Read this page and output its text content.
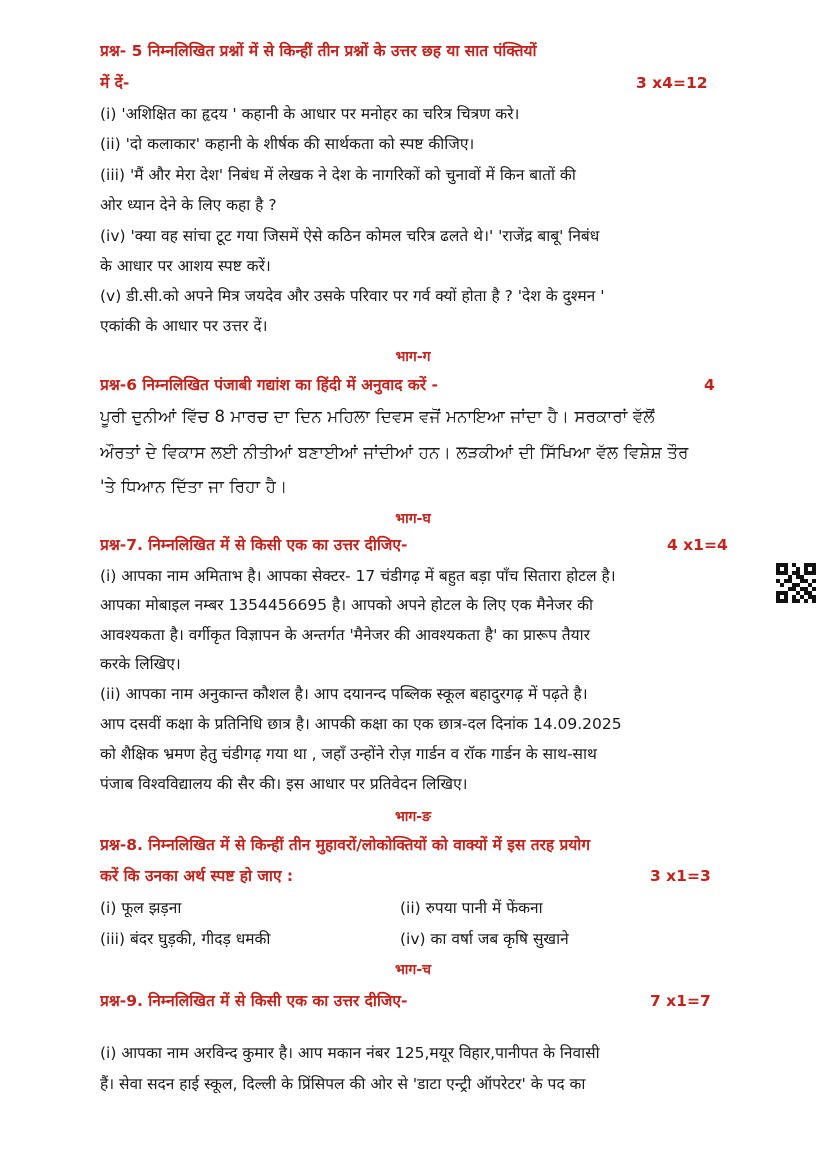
प्रश्न- 5 निम्नलिखित प्रश्नों में से किन्हीं तीन प्रश्नों के उत्तर छह या सात पंक्तियों
में दें-	3 x4=12
(i) 'अशिक्षित का हृदय ' कहानी के आधार पर मनोहर का चरित्र चित्रण करे।
(ii) 'दो कलाकार' कहानी के शीर्षक की सार्थकता को स्पष्ट कीजिए।
(iii) 'मैं और मेरा देश' निबंध में लेखक ने देश के नागरिकों को चुनावों में किन बातों की
ओर ध्यान देने के लिए कहा है ?
(iv) 'क्या वह सांचा टूट गया जिसमें ऐसे कठिन कोमल चरित्र ढलते थे।' 'राजेंद्र बाबू' निबंध
के आधार पर आशय स्पष्ट करें।
(v) डी.सी.को अपने मित्र जयदेव और उसके परिवार पर गर्व क्यों होता है ? 'देश के दुश्मन '
एकांकी के आधार पर उत्तर दें।
भाग-ग
प्रश्न-6 निम्नलिखित पंजाबी गद्यांश का हिंदी में अनुवाद करें -	4
ਪੂਰੀ ਦੁਨੀਆਂ ਵਿੱਚ 8 ਮਾਰਚ ਦਾ ਦਿਨ ਮਹਿਲਾ ਦਿਵਸ ਵਜੋਂ ਮਨਾਇਆ ਜਾਂਦਾ ਹੈ। ਸਰਕਾਰਾਂ ਵੱਲੋਂ
ਔਰਤਾਂ ਦੇ ਵਿਕਾਸ ਲਈ ਨੀਤੀਆਂ ਬਣਾਈਆਂ ਜਾਂਦੀਆਂ ਹਨ। ਲੜਕੀਆਂ ਦੀ ਸਿੱਖਿਆ ਵੱਲ ਵਿਸ਼ੇਸ਼ ਤੌਰ
'ਤੇ ਧਿਆਨ ਦਿੱਤਾ ਜਾ ਰਿਹਾ ਹੈ।
भाग-घ
प्रश्न-7. निम्नलिखित में से किसी एक का उत्तर दीजिए-	4 x1=4
(i) आपका नाम अमिताभ है। आपका सेक्टर- 17 चंडीगढ़ में बहुत बड़ा पाँच सितारा होटल है।
आपका मोबाइल नम्बर 1354456695 है। आपको अपने होटल के लिए एक मैनेजर की
आवश्यकता है। वर्गीकृत विज्ञापन के अन्तर्गत 'मैनेजर की आवश्यकता है' का प्रारूप तैयार
करके लिखिए।
(ii) आपका नाम अनुकान्त कौशल है। आप दयानन्द पब्लिक स्कूल बहादुरगढ़ में पढ़ते है।
आप दसवीं कक्षा के प्रतिनिधि छात्र है। आपकी कक्षा का एक छात्र-दल दिनांक 14.09.2025
को शैक्षिक भ्रमण हेतु चंडीगढ़ गया था , जहाँ उन्होंने रोज़ गार्डन व रॉक गार्डन के साथ-साथ
पंजाब विश्वविद्यालय की सैर की। इस आधार पर प्रतिवेदन लिखिए।
भाग-ङ
प्रश्न-8. निम्नलिखित में से किन्हीं तीन मुहावरों/लोकोक्तियों को वाक्यों में इस तरह प्रयोग
करें कि उनका अर्थ स्पष्ट हो जाए :	3 x1=3
(i) फूल झड़ना	(ii) रुपया पानी में फेंकना
(iii) बंदर घुड़की, गीदड़ धमकी	(iv) का वर्षा जब कृषि सुखाने
भाग-च
प्रश्न-9. निम्नलिखित में से किसी एक का उत्तर दीजिए-	7 x1=7
(i) आपका नाम अरविन्द कुमार है। आप मकान नंबर 125,मयूर विहार,पानीपत के निवासी
हैं। सेवा सदन हाई स्कूल, दिल्ली के प्रिंसिपल की ओर से 'डाटा एन्ट्री ऑपरेटर' के पद का
